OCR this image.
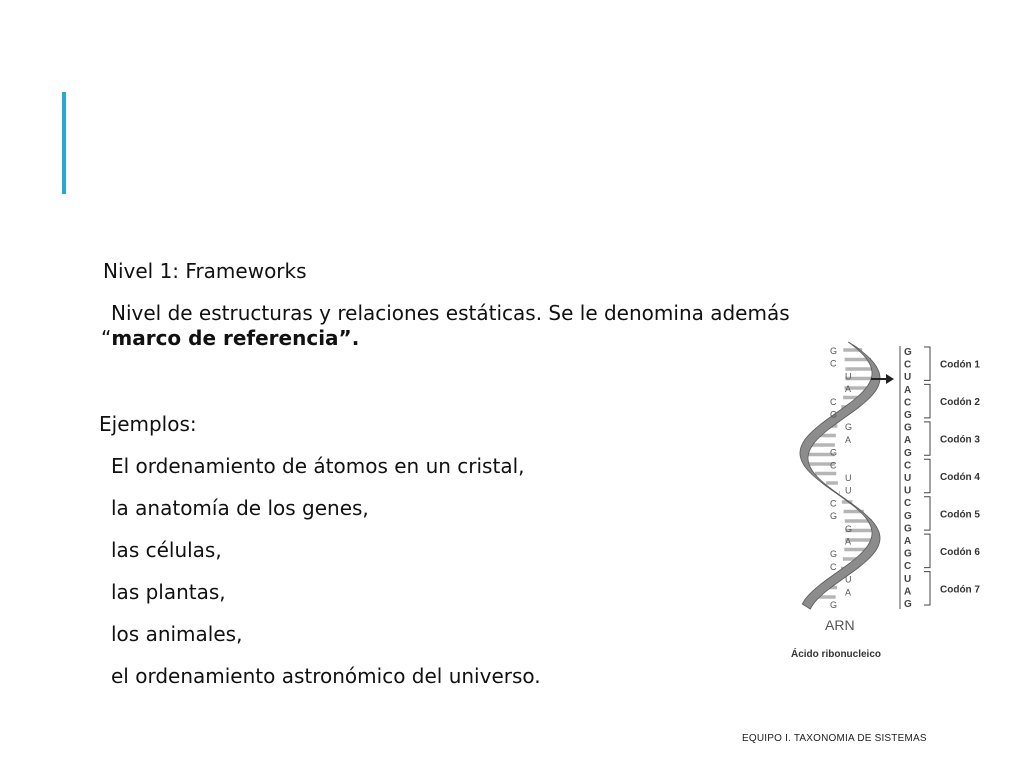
Nivel 1: Frameworks
Nivel de estructuras y relaciones estáticas. Se le denomina además
“marco de referencia”.
Ejemplos:
El ordenamiento de átomos en un cristal,
la anatomía de los genes,
las células,
las plantas,
los animales,
el ordenamiento astronómico del universo.
G
C
U
A
C
G
G
A
G
C
U
U
C
G
G
A
G
C
U
A
G
G
C
U
A
C
G
G
A
G
C
U
U
C
G
G
A
G
C
U
A
G
Codón 1
Codón 2
Codón 3
Codón 4
Codón 5
Codón 6
Codón 7
ARN
Ácido ribonucleico
EQUIPO I. TAXONOMIA DE SISTEMAS
